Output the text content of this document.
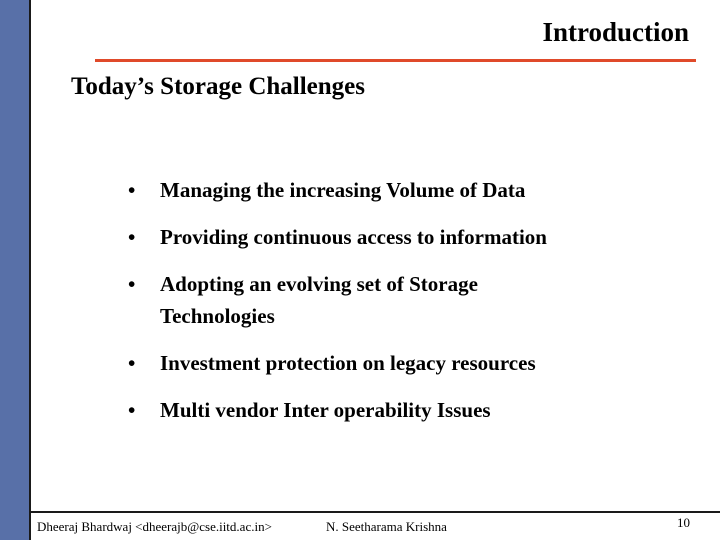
Introduction
Today’s Storage Challenges
• Managing the increasing Volume of Data
• Providing continuous access to information
• Adopting an evolving set of Storage Technologies
• Investment protection on legacy resources
• Multi vendor Inter operability Issues
Dheeraj Bhardwaj <dheerajb@cse.iitd.ac.in>	N. Seetharama Krishna	10
